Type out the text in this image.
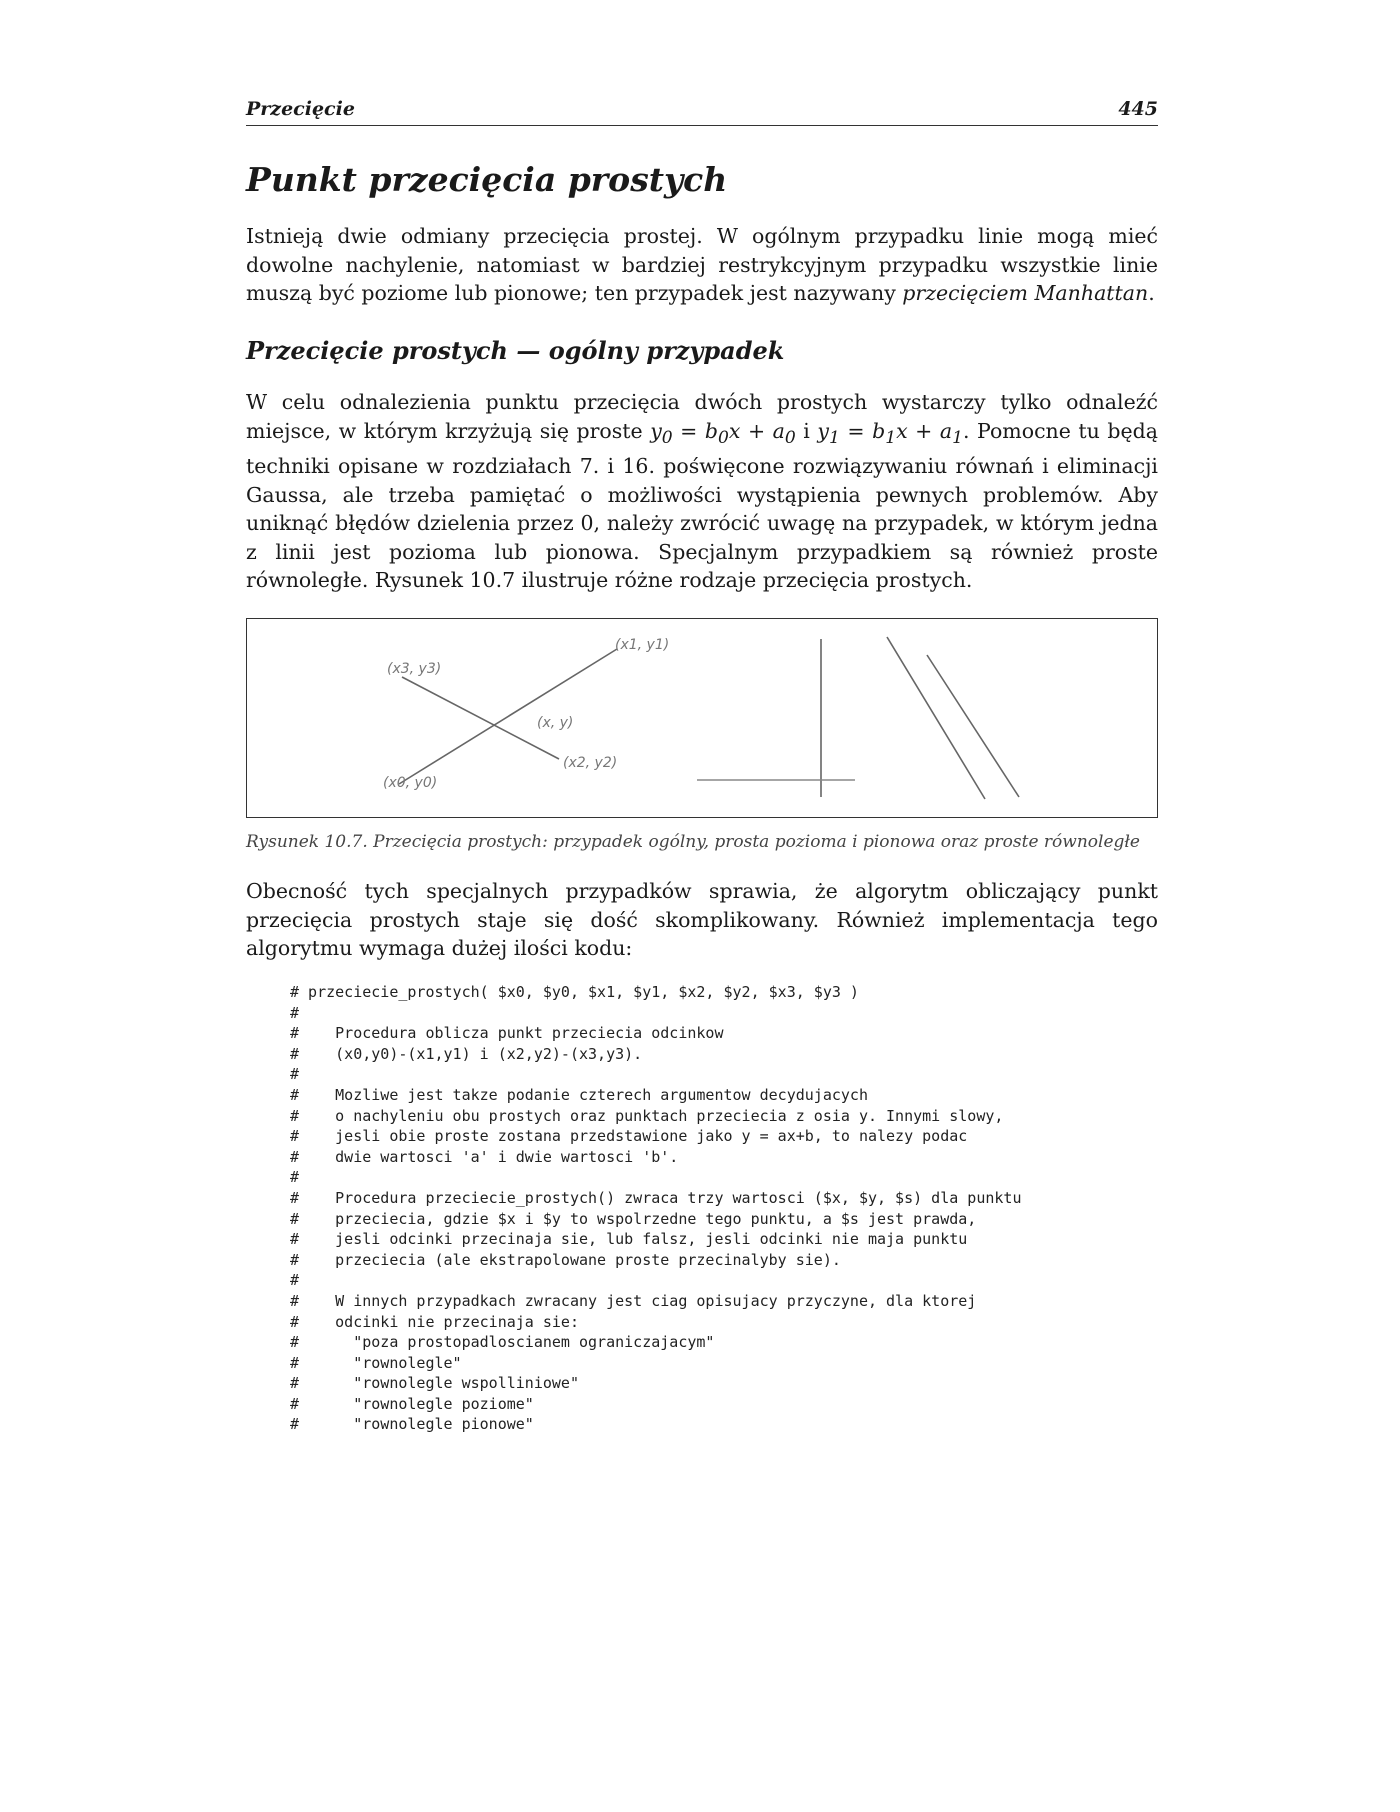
Przecięcie	445
Punkt przecięcia prostych

Istnieją dwie odmiany przecięcia prostej. W ogólnym przypadku linie mogą mieć dowolne nachylenie, natomiast w bardziej restrykcyjnym przypadku wszystkie linie muszą być poziome lub pionowe; ten przypadek jest nazywany przecięciem Manhattan.

Przecięcie prostych — ogólny przypadek

W celu odnalezienia punktu przecięcia dwóch prostych wystarczy tylko odnaleźć miejsce, w którym krzyżują się proste $y_0 = b_0x + a_0$ i $y_1 = b_1x + a_1$. Pomocne tu będą techniki opisane w rozdziałach 7. i 16. poświęcone rozwiązywaniu równań i eliminacji Gaussa, ale trzeba pamiętać o możliwości wystąpienia pewnych problemów. Aby uniknąć błędów dzielenia przez 0, należy zwrócić uwagę na przypadek, w którym jedna z linii jest pozioma lub pionowa. Specjalnym przypadkiem są również proste równoległe. Rysunek 10.7 ilustruje różne rodzaje przecięcia prostych.

(x3, y3)
(x1, y1)
(x, y)
(x2, y2)
(x0, y0)
Rysunek 10.7. Przecięcia prostych: przypadek ogólny, prosta pozioma i pionowa oraz proste równoległe

Obecność tych specjalnych przypadków sprawia, że algorytm obliczający punkt przecięcia prostych staje się dość skomplikowany. Również implementacja tego algorytmu wymaga dużej ilości kodu:

# przeciecie_prostych( $x0, $y0, $x1, $y1, $x2, $y2, $x3, $y3 )
#
#    Procedura oblicza punkt przeciecia odcinkow
#    (x0,y0)-(x1,y1) i (x2,y2)-(x3,y3).
#
#    Mozliwe jest takze podanie czterech argumentow decydujacych
#    o nachyleniu obu prostych oraz punktach przeciecia z osia y. Innymi slowy,
#    jesli obie proste zostana przedstawione jako y = ax+b, to nalezy podac
#    dwie wartosci 'a' i dwie wartosci 'b'.
#
#    Procedura przeciecie_prostych() zwraca trzy wartosci ($x, $y, $s) dla punktu
#    przeciecia, gdzie $x i $y to wspolrzedne tego punktu, a $s jest prawda,
#    jesli odcinki przecinaja sie, lub falsz, jesli odcinki nie maja punktu
#    przeciecia (ale ekstrapolowane proste przecinalyby sie).
#
#    W innych przypadkach zwracany jest ciag opisujacy przyczyne, dla ktorej
#    odcinki nie przecinaja sie:
#      "poza prostopadloscianem ograniczajacym"
#      "rownolegle"
#      "rownolegle wspolliniowe"
#      "rownolegle poziome"
#      "rownolegle pionowe"
